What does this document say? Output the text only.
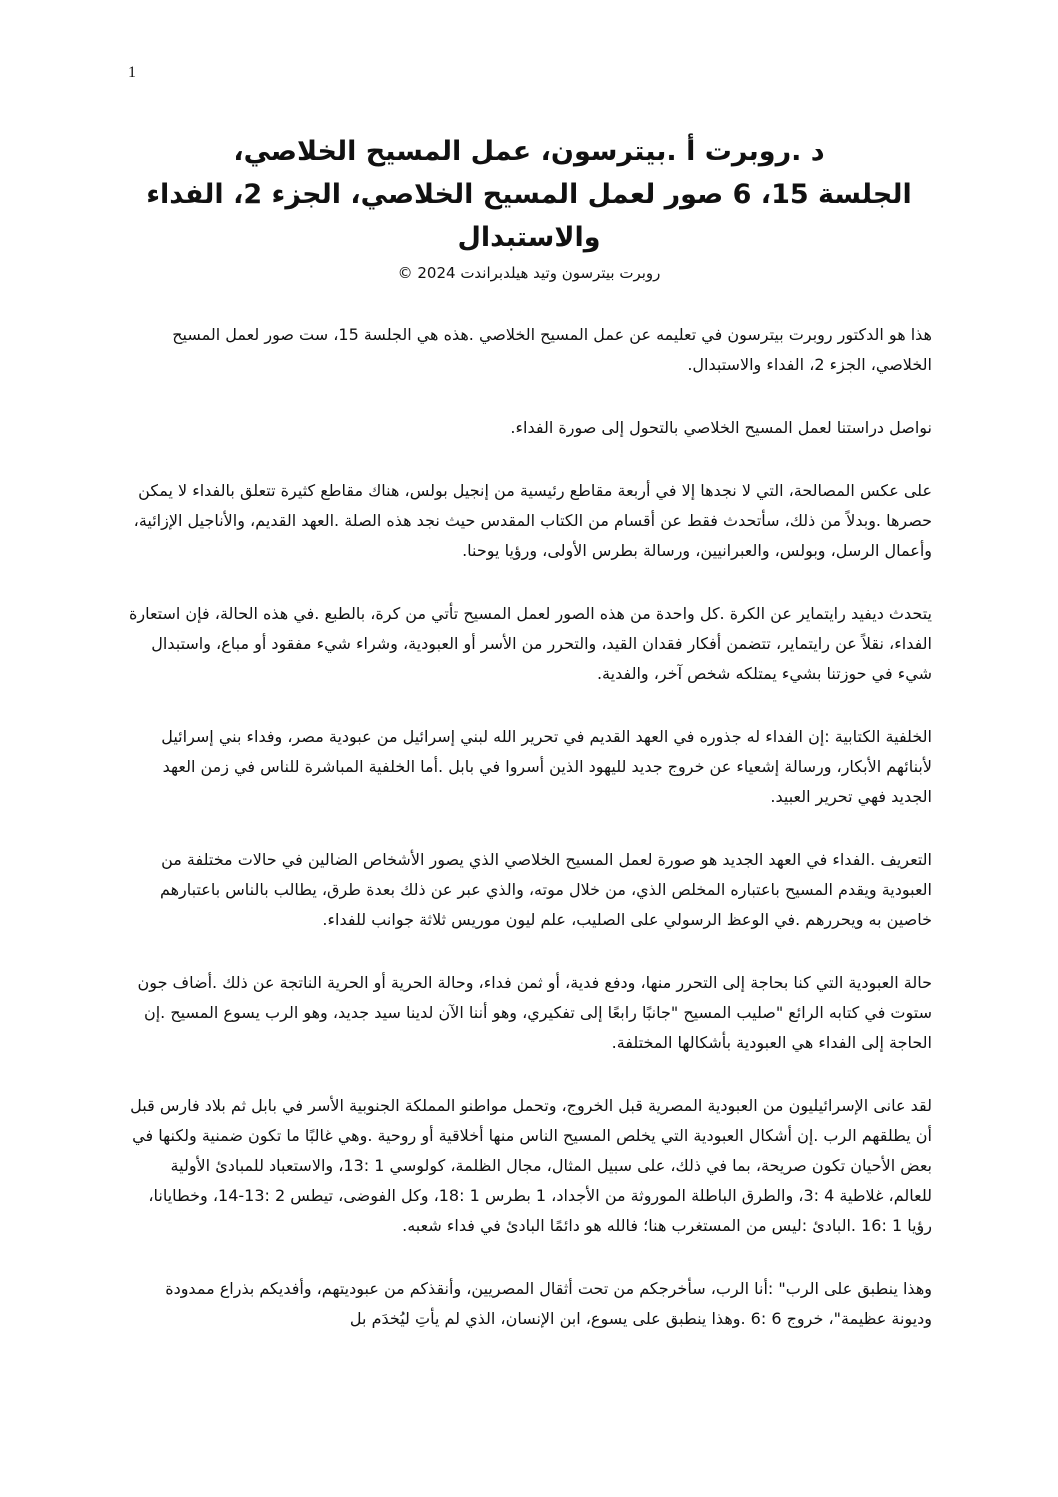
1
د .روبرت أ .بيترسون، عمل المسيح الخلاصي،
الجلسة 15، 6 صور لعمل المسيح الخلاصي، الجزء 2، الفداء
والاستبدال
روبرت بيترسون وتيد هيلدبراندت 2024 ©

هذا هو الدكتور روبرت بيترسون في تعليمه عن عمل المسيح الخلاصي .هذه هي الجلسة 15، ست صور لعمل المسيح الخلاصي، الجزء 2، الفداء والاستبدال.

نواصل دراستنا لعمل المسيح الخلاصي بالتحول إلى صورة الفداء.

على عكس المصالحة، التي لا نجدها إلا في أربعة مقاطع رئيسية من إنجيل بولس، هناك مقاطع كثيرة تتعلق بالفداء لا يمكن حصرها .وبدلاً من ذلك، سأتحدث فقط عن أقسام من الكتاب المقدس حيث نجد هذه الصلة .العهد القديم، والأناجيل الإزائية، وأعمال الرسل، وبولس، والعبرانيين، ورسالة بطرس الأولى، ورؤيا يوحنا.

يتحدث ديفيد رايتماير عن الكرة .كل واحدة من هذه الصور لعمل المسيح تأتي من كرة، بالطبع .في هذه الحالة، فإن استعارة الفداء، نقلاً عن رايتماير، تتضمن أفكار فقدان القيد، والتحرر من الأسر أو العبودية، وشراء شيء مفقود أو مباع، واستبدال شيء في حوزتنا بشيء يمتلكه شخص آخر، والفدية.

الخلفية الكتابية :إن الفداء له جذوره في العهد القديم في تحرير الله لبني إسرائيل من عبودية مصر، وفداء بني إسرائيل لأبنائهم الأبكار، ورسالة إشعياء عن خروج جديد لليهود الذين أسروا في بابل .أما الخلفية المباشرة للناس في زمن العهد الجديد فهي تحرير العبيد.

التعريف .الفداء في العهد الجديد هو صورة لعمل المسيح الخلاصي الذي يصور الأشخاص الضالين في حالات مختلفة من العبودية ويقدم المسيح باعتباره المخلص الذي، من خلال موته، والذي عبر عن ذلك بعدة طرق، يطالب بالناس باعتبارهم خاصين به ويحررهم .في الوعظ الرسولي على الصليب، علم ليون موريس ثلاثة جوانب للفداء.

حالة العبودية التي كنا بحاجة إلى التحرر منها، ودفع فدية، أو ثمن فداء، وحالة الحرية أو الحرية الناتجة عن ذلك .أضاف جون ستوت في كتابه الرائع "صليب المسيح "جانبًا رابعًا إلى تفكيري، وهو أننا الآن لدينا سيد جديد، وهو الرب يسوع المسيح .إن الحاجة إلى الفداء هي العبودية بأشكالها المختلفة.

لقد عانى الإسرائيليون من العبودية المصرية قبل الخروج، وتحمل مواطنو المملكة الجنوبية الأسر في بابل ثم بلاد فارس قبل أن يطلقهم الرب .إن أشكال العبودية التي يخلص المسيح الناس منها أخلاقية أو روحية .وهي غالبًا ما تكون ضمنية ولكنها في بعض الأحيان تكون صريحة، بما في ذلك، على سبيل المثال، مجال الظلمة، كولوسي 1 :13، والاستعباد للمبادئ الأولية للعالم، غلاطية 4 :3، والطرق الباطلة الموروثة من الأجداد، 1 بطرس 1 :18، وكل الفوضى، تيطس 2 :13-14، وخطايانا، رؤيا 1 :16 .البادئ :ليس من المستغرب هنا؛ فالله هو دائمًا البادئ في فداء شعبه.

وهذا ينطبق على الرب" :أنا الرب، سأخرجكم من تحت أثقال المصريين، وأنقذكم من عبوديتهم، وأفديكم بذراع ممدودة وديونة عظيمة"، خروج 6 :6 .وهذا ينطبق على يسوع، ابن الإنسان، الذي لم يأتِ ليُخدَم بل
